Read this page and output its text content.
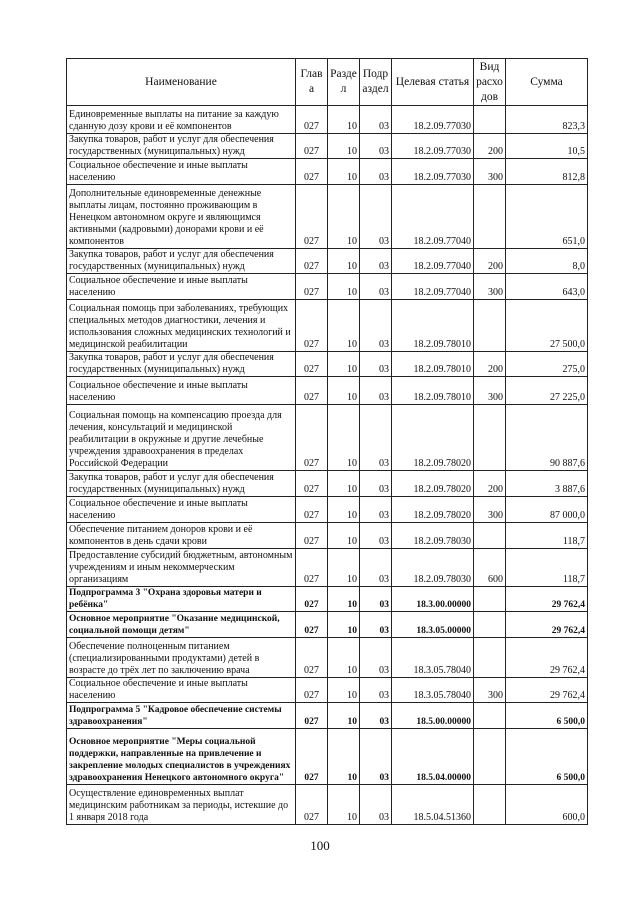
Наименование	Глав а	Разде л	Подр аздел	Целевая статья	Вид расхо дов	Сумма
Единовременные выплаты на питание за каждую сданную дозу крови и её компонентов	027	10	03	18.2.09.77030		823,3
Закупка товаров, работ и услуг для обеспечения государственных (муниципальных) нужд	027	10	03	18.2.09.77030	200	10,5
Социальное обеспечение и иные выплаты населению	027	10	03	18.2.09.77030	300	812,8
Дополнительные единовременные денежные выплаты лицам, постоянно проживающим в Ненецком автономном округе и являющимся активными (кадровыми) донорами крови и её компонентов	027	10	03	18.2.09.77040		651,0
Закупка товаров, работ и услуг для обеспечения государственных (муниципальных) нужд	027	10	03	18.2.09.77040	200	8,0
Социальное обеспечение и иные выплаты населению	027	10	03	18.2.09.77040	300	643,0
Социальная помощь при заболеваниях, требующих специальных методов диагностики, лечения и использования сложных медицинских технологий и медицинской реабилитации	027	10	03	18.2.09.78010		27 500,0
Закупка товаров, работ и услуг для обеспечения государственных (муниципальных) нужд	027	10	03	18.2.09.78010	200	275,0
Социальное обеспечение и иные выплаты населению	027	10	03	18.2.09.78010	300	27 225,0
Социальная помощь на компенсацию проезда для лечения, консультаций и медицинской реабилитации в окружные и другие лечебные учреждения здравоохранения в пределах Российской Федерации	027	10	03	18.2.09.78020		90 887,6
Закупка товаров, работ и услуг для обеспечения государственных (муниципальных) нужд	027	10	03	18.2.09.78020	200	3 887,6
Социальное обеспечение и иные выплаты населению	027	10	03	18.2.09.78020	300	87 000,0
Обеспечение питанием доноров крови и её компонентов в день сдачи крови	027	10	03	18.2.09.78030		118,7
Предоставление субсидий бюджетным, автономным учреждениям и иным некоммерческим организациям	027	10	03	18.2.09.78030	600	118,7
Подпрограмма 3 "Охрана здоровья матери и ребёнка"	027	10	03	18.3.00.00000		29 762,4
Основное мероприятие "Оказание медицинской, социальной помощи детям"	027	10	03	18.3.05.00000		29 762,4
Обеспечение полноценным питанием (специализированными продуктами) детей в возрасте до трёх лет по заключению врача	027	10	03	18.3.05.78040		29 762,4
Социальное обеспечение и иные выплаты населению	027	10	03	18.3.05.78040	300	29 762,4
Подпрограмма 5 "Кадровое обеспечение системы здравоохранения"	027	10	03	18.5.00.00000		6 500,0
Основное мероприятие "Меры социальной поддержки, направленные на привлечение и закрепление молодых специалистов в учреждениях здравоохранения Ненецкого автономного округа"	027	10	03	18.5.04.00000		6 500,0
Осуществление единовременных выплат медицинским работникам за периоды, истекшие до 1 января 2018 года	027	10	03	18.5.04.51360		600,0
100
